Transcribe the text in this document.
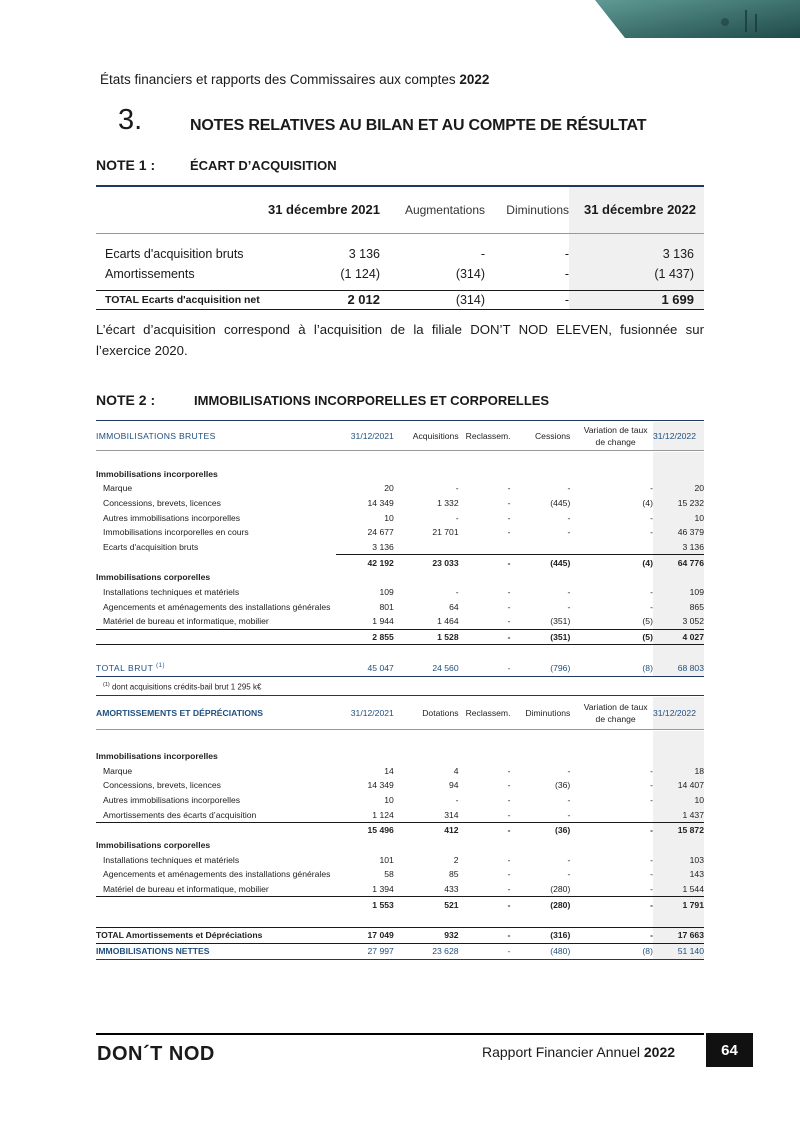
États financiers et rapports des Commissaires aux comptes 2022
3.	NOTES RELATIVES AU BILAN ET AU COMPTE DE RÉSULTAT
NOTE 1 :	ÉCART D’ACQUISITION

	31 décembre 2021	Augmentations	Diminutions	31 décembre 2022

Ecarts d'acquisition bruts	3 136	-	-	3 136
Amortissements	(1 124)	(314)	-	(1 437)

TOTAL Ecarts d'acquisition net	2 012	(314)	-	1 699

L’écart d’acquisition correspond à l’acquisition de la filiale DON’T NOD ELEVEN, fusionnée sur l’exercice 2020.
NOTE 2 :	IMMOBILISATIONS INCORPORELLES ET CORPORELLES

IMMOBILISATIONS BRUTES	31/12/2021	Acquisitions	Reclassem.	Cessions	Variation de taux de change	31/12/2022

Immobilisations incorporelles						
Marque	20	-	-	-	-	20
Concessions, brevets, licences	14 349	1 332	-	(445)	(4)	15 232
Autres immobilisations incorporelles	10	-	-	-	-	10
Immobilisations incorporelles en cours	24 677	21 701	-	-	-	46 379
Ecarts d'acquisition bruts	3 136					3 136
	42 192	23 033	-	(445)	(4)	64 776
Immobilisations corporelles						
Installations techniques et matériels	109	-	-	-	-	109
Agencements et aménagements des installations générales	801	64	-	-	-	865
Matériel de bureau et informatique, mobilier	1 944	1 464	-	(351)	(5)	3 052
	2 855	1 528	-	(351)	(5)	4 027

TOTAL BRUT $^{(1)}$	45 047	24 560	-	(796)	(8)	68 803

$^{(1)}$ dont acquisitions crédits-bail brut 1 295 k€						

AMORTISSEMENTS ET DÉPRÉCIATIONS	31/12/2021	Dotations	Reclassem.	Diminutions	Variation de taux de change	31/12/2022

Immobilisations incorporelles						
Marque	14	4	-	-	-	18
Concessions, brevets, licences	14 349	94	-	(36)	-	14 407
Autres immobilisations incorporelles	10	-	-	-	-	10
Amortissements des écarts d’acquisition	1 124	314	-	-		1 437
	15 496	412	-	(36)	-	15 872
Immobilisations corporelles						
Installations techniques et matériels	101	2	-	-	-	103
Agencements et aménagements des installations générales	58	85	-	-	-	143
Matériel de bureau et informatique, mobilier	1 394	433	-	(280)	-	1 544
	1 553	521	-	(280)	-	1 791

TOTAL Amortissements et Dépréciations	17 049	932	-	(316)	-	17 663
IMMOBILISATIONS NETTES	27 997	23 628	-	(480)	(8)	51 140
DON´T NOD	Rapport Financier Annuel 2022	64
